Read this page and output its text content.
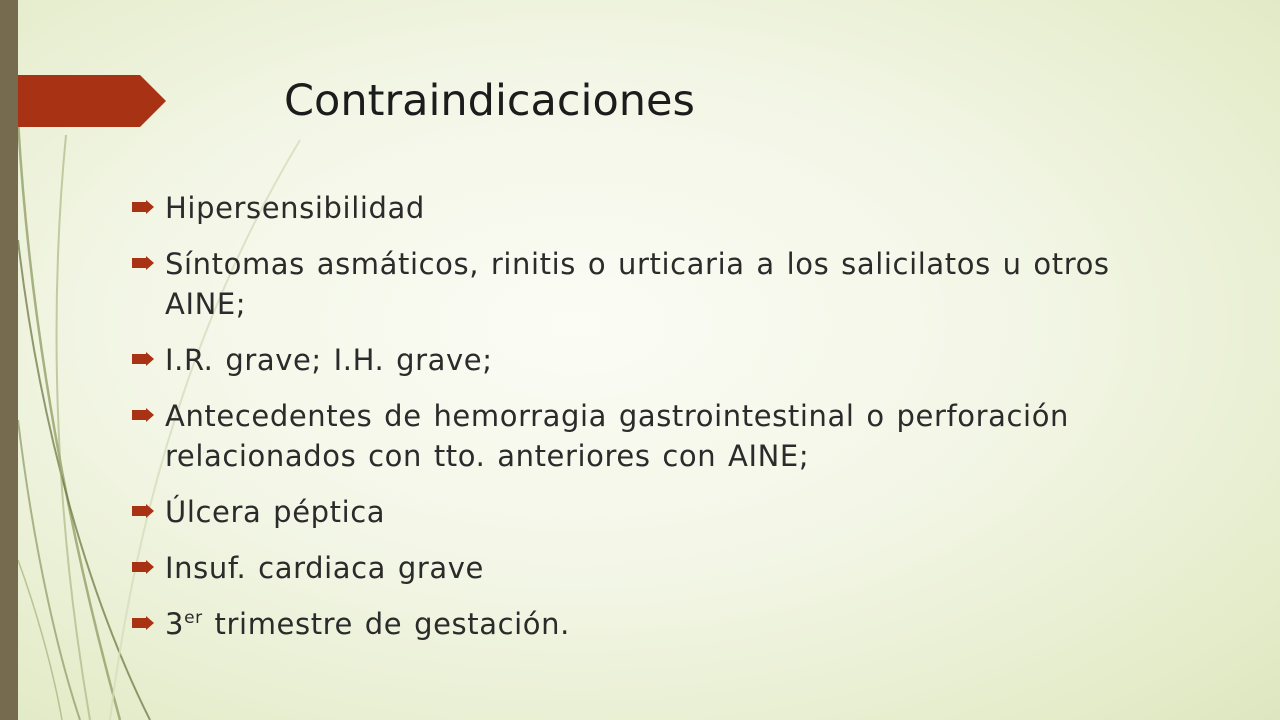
Contraindicaciones
Hipersensibilidad
Síntomas asmáticos, rinitis o urticaria a los salicilatos u otros AINE;
I.R. grave; I.H. grave;
Antecedentes de hemorragia gastrointestinal o perforación relacionados con tto. anteriores con AINE;
Úlcera péptica
Insuf. cardiaca grave
3er trimestre de gestación.
